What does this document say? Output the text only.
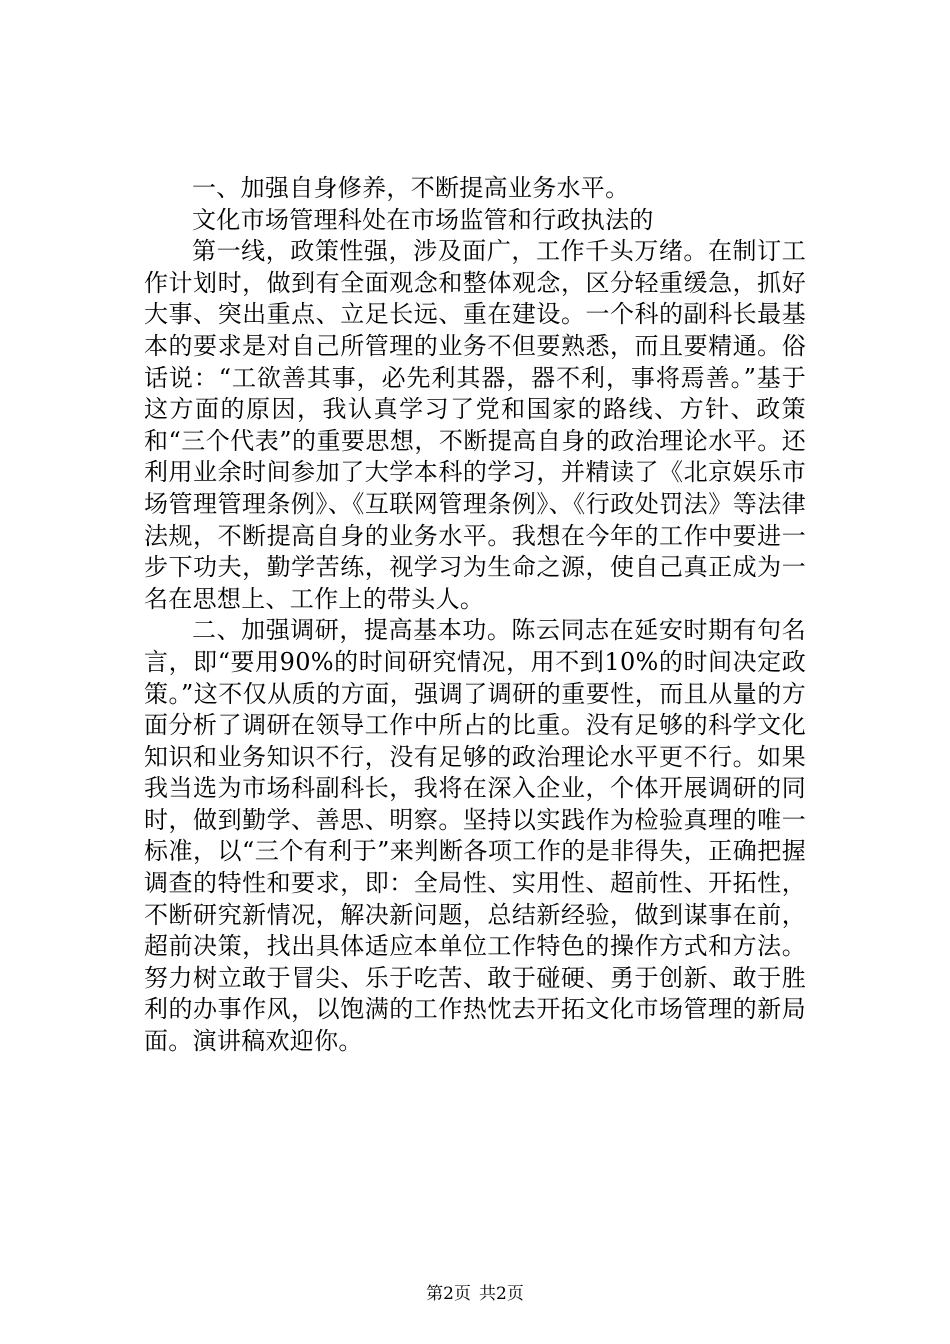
一、加强自身修养，不断提高业务水平。

文化市场管理科处在市场监管和行政执法的

第一线，政策性强，涉及面广，工作千头万绪。在制订工作计划时，做到有全面观念和整体观念，区分轻重缓急，抓好大事、突出重点、立足长远、重在建设。一个科的副科长最基本的要求是对自己所管理的业务不但要熟悉，而且要精通。俗话说：“工欲善其事，必先利其器，器不利，事将焉善。”基于这方面的原因，我认真学习了党和国家的路线、方针、政策和“三个代表”的重要思想，不断提高自身的政治理论水平。还利用业余时间参加了大学本科的学习，并精读了《北京娱乐市场管理管理条例》、《互联网管理条例》、《行政处罚法》等法律法规，不断提高自身的业务水平。我想在今年的工作中要进一步下功夫，勤学苦练，视学习为生命之源，使自己真正成为一名在思想上、工作上的带头人。

二、加强调研，提高基本功。陈云同志在延安时期有句名言，即“要用90%的时间研究情况，用不到10%的时间决定政策。”这不仅从质的方面，强调了调研的重要性，而且从量的方面分析了调研在领导工作中所占的比重。没有足够的科学文化知识和业务知识不行，没有足够的政治理论水平更不行。如果我当选为市场科副科长，我将在深入企业，个体开展调研的同时，做到勤学、善思、明察。坚持以实践作为检验真理的唯一标准，以“三个有利于”来判断各项工作的是非得失，正确把握调查的特性和要求，即：全局性、实用性、超前性、开拓性，不断研究新情况，解决新问题，总结新经验，做到谋事在前，超前决策，找出具体适应本单位工作特色的操作方式和方法。努力树立敢于冒尖、乐于吃苦、敢于碰硬、勇于创新、敢于胜利的办事作风，以饱满的工作热忱去开拓文化市场管理的新局面。演讲稿欢迎你。

第2页 共2页
